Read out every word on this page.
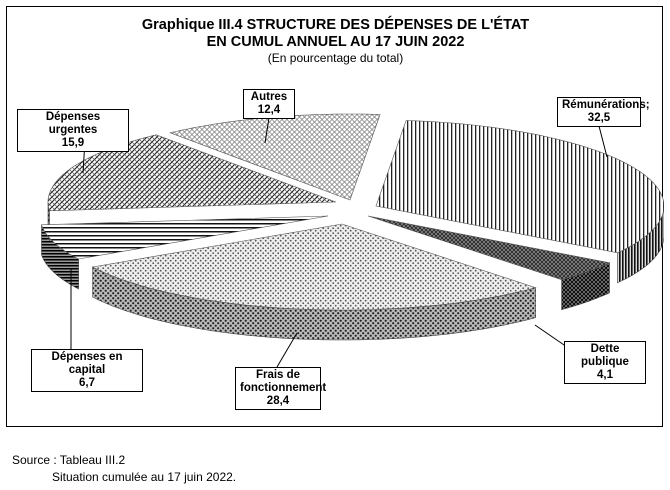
Graphique III.4 STRUCTURE DES DÉPENSES DE L'ÉTAT
EN CUMUL ANNUEL AU 17 JUIN 2022
(En pourcentage du total)
Rémunérations;
32,5
Dette publique
4,1
Frais de
fonctionnement
28,4
Dépenses en capital
6,7
Dépenses urgentes
15,9
Autres
12,4
Source : Tableau III.2
Situation cumulée au 17 juin 2022.
